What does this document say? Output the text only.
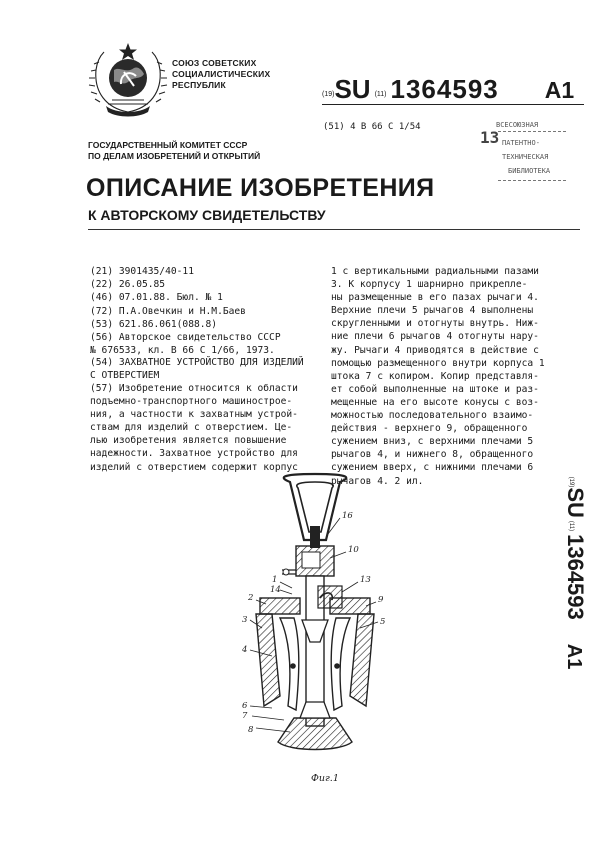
СОЮЗ СОВЕТСКИХ
СОЦИАЛИСТИЧЕСКИХ
РЕСПУБЛИК
(19)SU (11) 1364593 A1
(51) 4 В 66 С 1/54	ВСЕСОЮЗНАЯ
13 ПАТЕНТНО-
ТЕХНИЧЕСКАЯ
БИБЛИОТЕКА
ГОСУДАРСТВЕННЫЙ КОМИТЕТ СССР
ПО ДЕЛАМ ИЗОБРЕТЕНИЙ И ОТКРЫТИЙ
ОПИСАНИЕ ИЗОБРЕТЕНИЯ
К АВТОРСКОМУ СВИДЕТЕЛЬСТВУ
(21) 3901435/40-11
(22) 26.05.85
(46) 07.01.88. Бюл. № 1
(72) П.А.Овечкин и Н.М.Баев
(53) 621.86.061(088.8)
(56) Авторское свидетельство СССР
№ 676533, кл. В 66 С 1/66, 1973.
(54) ЗАХВАТНОЕ УСТРОЙСТВО ДЛЯ ИЗДЕЛИЙ
С ОТВЕРСТИЕМ
(57) Изобретение относится к области
подъемно-транспортного машинострое-
ния, а частности к захватным устрой-
ствам для изделий с отверстием. Це-
лью изобретения является повышение
надежности. Захватное устройство для
изделий с отверстием содержит корпус
1 с вертикальными радиальными пазами
3. К корпусу 1 шарнирно прикрепле-
ны размещенные в его пазах рычаги 4.
Верхние плечи 5 рычагов 4 выполнены
скругленными и отогнуты внутрь. Ниж-
ние плечи 6 рычагов 4 отогнуты нару-
жу. Рычаги 4 приводятся в действие с
помощью размещенного внутри корпуса 1
штока 7 с копиром. Копир представля-
ет собой выполненные на штоке и раз-
мещенные на его высоте конусы с воз-
можностью последовательного взаимо-
действия - верхнего 9, обращенного
сужением вниз, с верхними плечами 5
рычагов 4, и нижнего 8, обращенного
сужением вверх, с нижними плечами 6
рычагов 4. 2 ил.	(19)SU(11)1364593A1
16
10
1
14
13
2	9
3	5
4
6
7
8
Фиг.1
